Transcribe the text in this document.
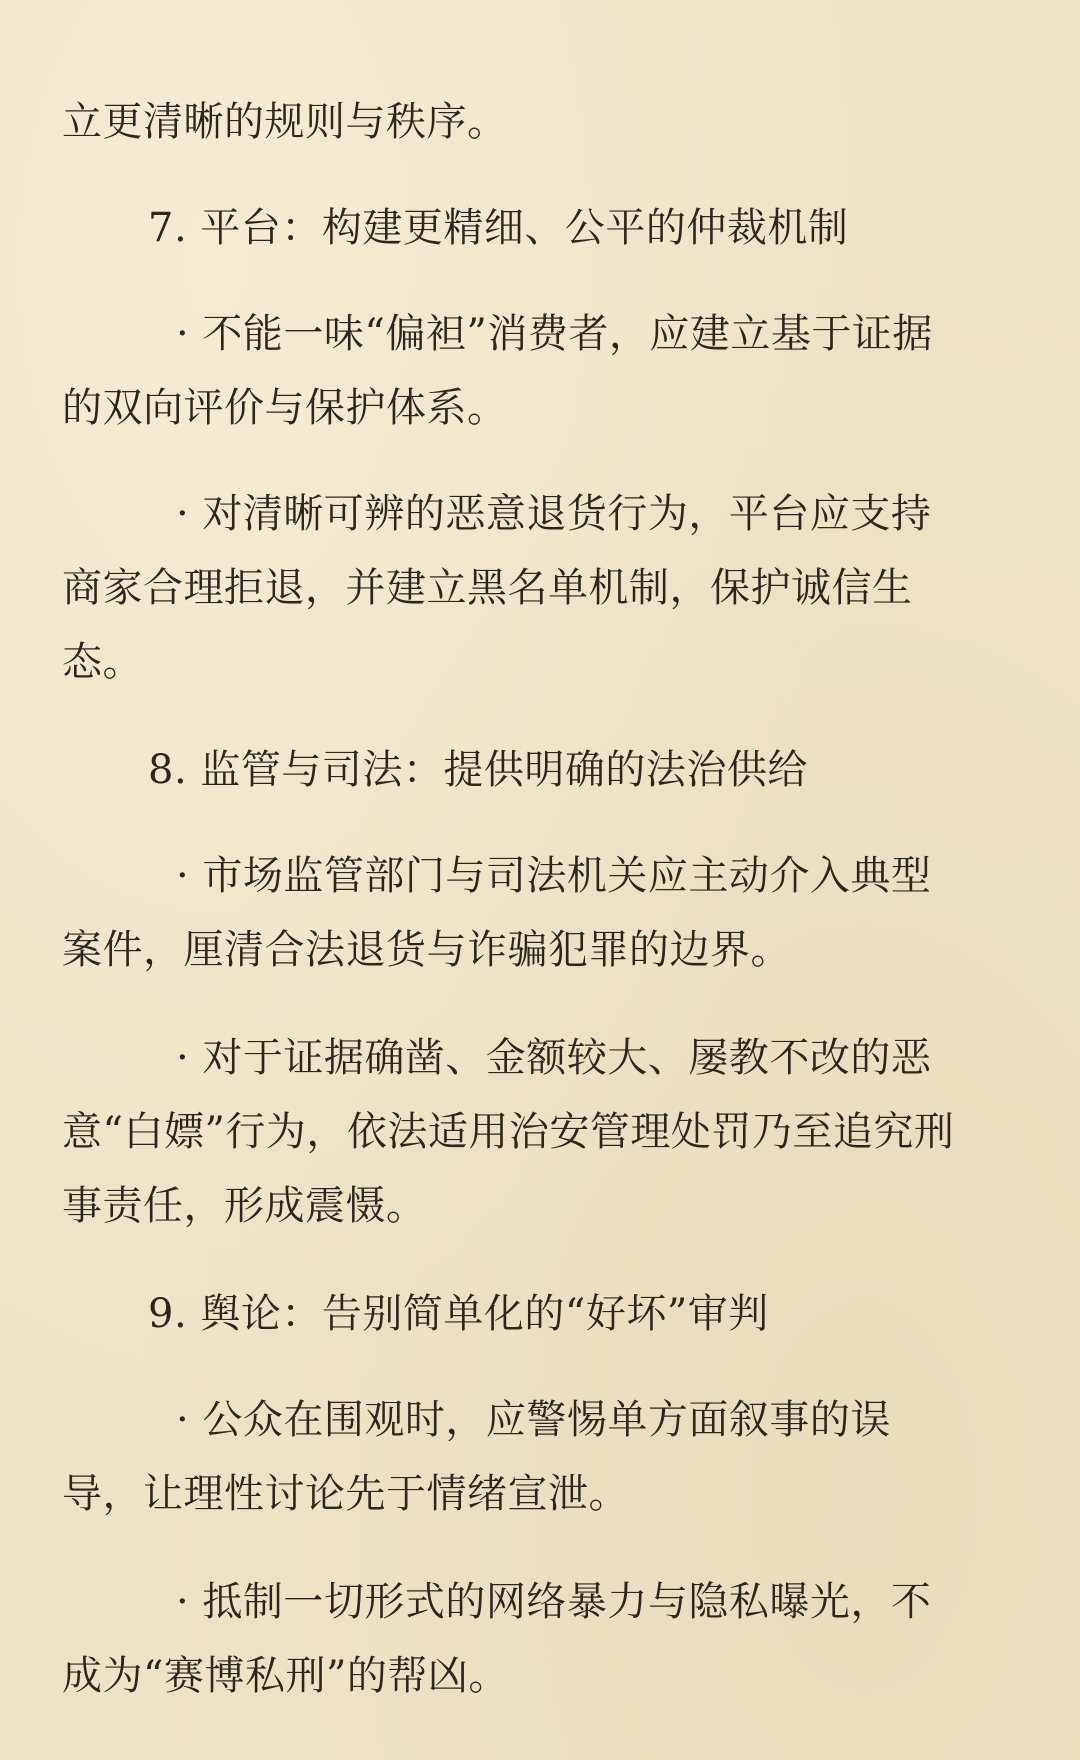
立更清晰的规则与秩序。
7. 平台：构建更精细、公平的仲裁机制
· 不能一味“偏袒”消费者，应建立基于证据
的双向评价与保护体系。
· 对清晰可辨的恶意退货行为，平台应支持
商家合理拒退，并建立黑名单机制，保护诚信生
态。
8. 监管与司法：提供明确的法治供给
· 市场监管部门与司法机关应主动介入典型
案件，厘清合法退货与诈骗犯罪的边界。
· 对于证据确凿、金额较大、屡教不改的恶
意“白嫖”行为，依法适用治安管理处罚乃至追究刑
事责任，形成震慑。
9. 舆论：告别简单化的“好坏”审判
· 公众在围观时，应警惕单方面叙事的误
导，让理性讨论先于情绪宣泄。
· 抵制一切形式的网络暴力与隐私曝光，不
成为“赛博私刑”的帮凶。
